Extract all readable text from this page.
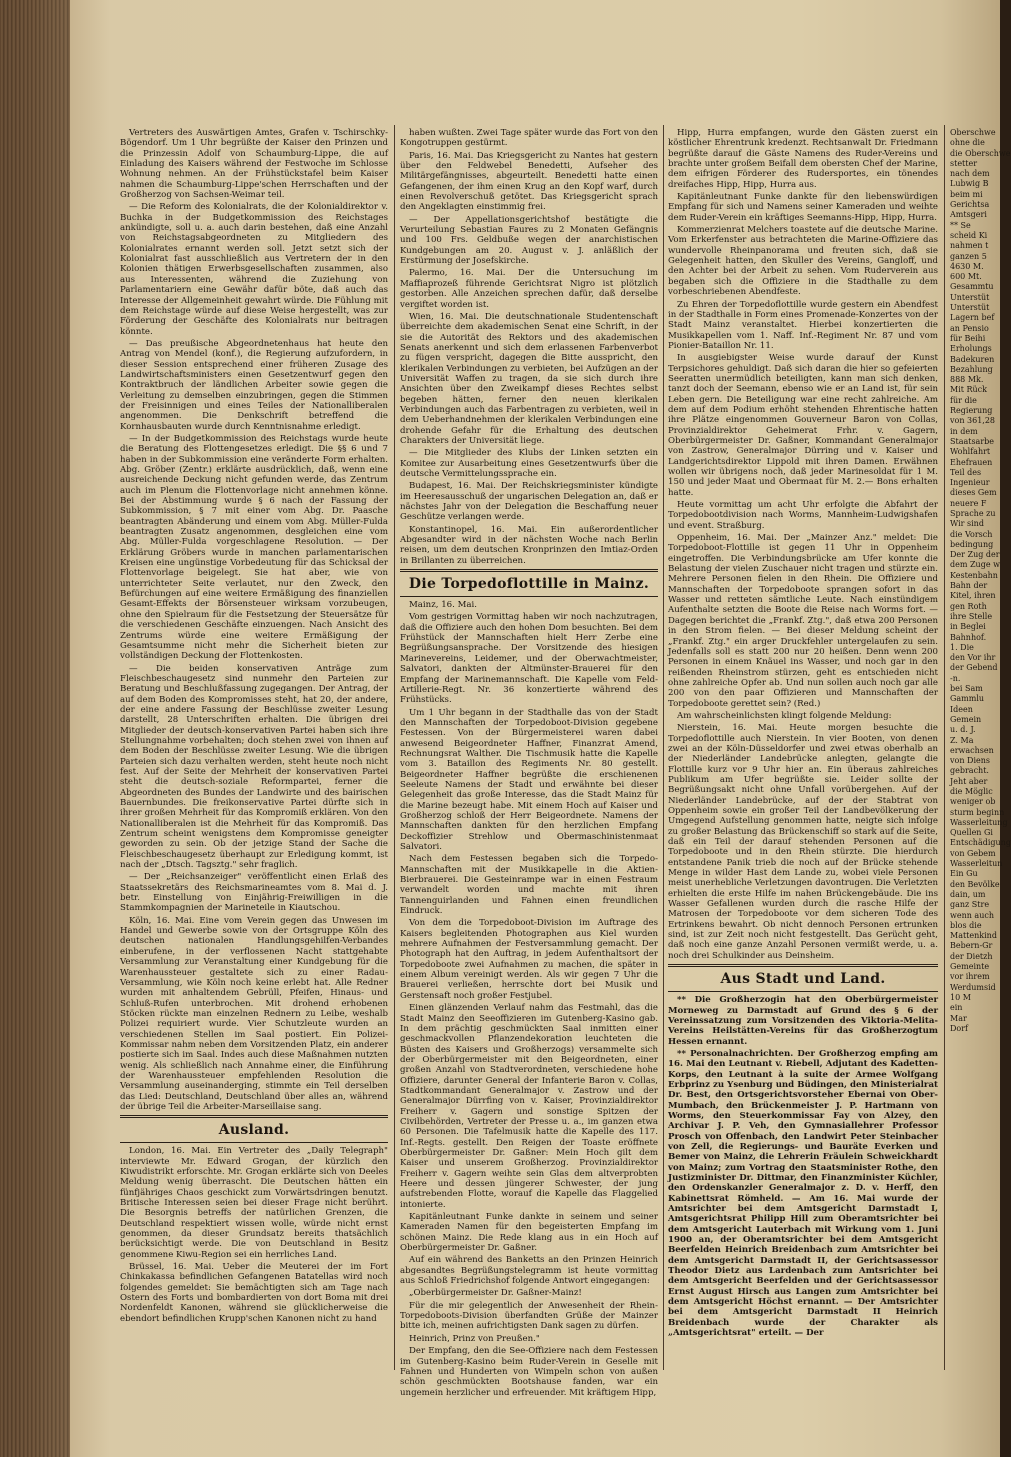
Vertreters des Auswärtigen Amtes, Grafen v. Tschirschky-Bögendorf. Um 1 Uhr begrüßte der Kaiser den Prinzen und die Prinzessin Adolf von Schaumburg-Lippe, die auf Einladung des Kaisers während der Festwoche im Schlosse Wohnung nehmen. An der Frühstückstafel beim Kaiser nahmen die Schaumburg-Lippe'schen Herrschaften und der Großherzog von Sachsen-Weimar teil.

— Die Reform des Kolonialrats, die der Kolonialdirektor v. Buchka in der Budgetkommission des Reichstages ankündigte, soll u. a. auch darin bestehen, daß eine Anzahl von Reichstagsabgeordneten zu Mitgliedern des Kolonialrates ernannt werden soll. Jetzt setzt sich der Kolonialrat fast ausschließlich aus Vertretern der in den Kolonien thätigen Erwerbsgesellschaften zusammen, also aus Interessenten, während die Zuziehung von Parlamentariern eine Gewähr dafür böte, daß auch das Interesse der Allgemeinheit gewahrt würde. Die Fühlung mit dem Reichstage würde auf diese Weise hergestellt, was zur Förderung der Geschäfte des Kolonialrats nur beitragen könnte.

— Das preußische Abgeordnetenhaus hat heute den Antrag von Mendel (konf.), die Regierung aufzufordern, in dieser Session entsprechend einer früheren Zusage des Landwirtschaftsministers einen Gesetzentwurf gegen den Kontraktbruch der ländlichen Arbeiter sowie gegen die Verleitung zu demselben einzubringen, gegen die Stimmen der Freisinnigen und eines Teiles der Nationalliberalen angenommen. Die Denkschrift betreffend die Kornhausbauten wurde durch Kenntnisnahme erledigt.

— In der Budgetkommission des Reichstags wurde heute die Beratung des Flottengesetzes erledigt. Die §§ 6 und 7 haben in der Subkommission eine veränderte Form erhalten. Abg. Gröber (Zentr.) erklärte ausdrücklich, daß, wenn eine ausreichende Deckung nicht gefunden werde, das Zentrum auch im Plenum die Flottenvorlage nicht annehmen könne. Bei der Abstimmung wurde § 6 nach der Fassung der Subkommission, § 7 mit einer vom Abg. Dr. Paasche beantragten Abänderung und einem vom Abg. Müller-Fulda beantragten Zusatz angenommen, desgleichen eine vom Abg. Müller-Fulda vorgeschlagene Resolution. — Der Erklärung Gröbers wurde in manchen parlamentarischen Kreisen eine ungünstige Vorbedeutung für das Schicksal der Flottenvorlage beigelegt. Sie hat aber, wie von unterrichteter Seite verlautet, nur den Zweck, den Befürchungen auf eine weitere Ermäßigung des finanziellen Gesamt-Effekts der Börsensteuer wirksam vorzubeugen, ohne den Spielraum für die Festsetzung der Steuersätze für die verschiedenen Geschäfte einzuengen. Nach Ansicht des Zentrums würde eine weitere Ermäßigung der Gesamtsumme nicht mehr die Sicherheit bieten zur vollständigen Deckung der Flottenkosten.

— Die beiden konservativen Anträge zum Fleischbeschaugesetz sind nunmehr den Parteien zur Beratung und Beschlußfassung zugegangen. Der Antrag, der auf dem Boden des Kompromisses steht, hat 20, der andere, der eine andere Fassung der Beschlüsse zweiter Lesung darstellt, 28 Unterschriften erhalten. Die übrigen drei Mitglieder der deutsch-konservativen Partei haben sich ihre Stellungnahme vorbehalten; doch stehen zwei von ihnen auf dem Boden der Beschlüsse zweiter Lesung. Wie die übrigen Parteien sich dazu verhalten werden, steht heute noch nicht fest. Auf der Seite der Mehrheit der konservativen Partei steht die deutsch-soziale Reformpartei, ferner die Abgeordneten des Bundes der Landwirte und des bairischen Bauernbundes. Die freikonservative Partei dürfte sich in ihrer großen Mehrheit für das Kompromiß erklären. Von den Nationalliberalen ist die Mehrheit für das Kompromiß. Das Zentrum scheint wenigstens dem Kompromisse geneigter geworden zu sein. Ob der jetzige Stand der Sache die Fleischbeschaugesetz überhaupt zur Erledigung kommt, ist nach der „Dtsch. Tagsztg." sehr fraglich.

— Der „Reichsanzeiger" veröffentlicht einen Erlaß des Staatssekretärs des Reichsmarineamtes vom 8. Mai d. J. betr. Einstellung von Einjährig-Freiwilligen in die Stammkompagnien der Marineteile in Kiautschou.

Köln, 16. Mai. Eine vom Verein gegen das Unwesen im Handel und Gewerbe sowie von der Ortsgruppe Köln des deutschen nationalen Handlungsgehilfen-Verbandes einberufene, in der verflossenen Nacht stattgehabte Versammlung zur Veranstaltung einer Kundgebung für die Warenhaussteuer gestaltete sich zu einer Radau-Versammlung, wie Köln noch keine erlebt hat. Alle Redner wurden mit anhaltendem Gebrüll, Pfeifen, Hinaus- und Schluß-Rufen unterbrochen. Mit drohend erhobenen Stöcken rückte man einzelnen Rednern zu Leibe, weshalb Polizei requiriert wurde. Vier Schutzleute wurden an verschiedenen Stellen im Saal postiert. Ein Polizei-Kommissar nahm neben dem Vorsitzenden Platz, ein anderer postierte sich im Saal. Indes auch diese Maßnahmen nutzten wenig. Als schließlich nach Annahme einer, die Einführung der Warenhaussteuer empfehlenden Resolution die Versammlung auseinanderging, stimmte ein Teil derselben das Lied: Deutschland, Deutschland über alles an, während der übrige Teil die Arbeiter-Marseillaise sang.

Ausland.

London, 16. Mai. Ein Vertreter des „Daily Telegraph" interviewte Mr. Edward Grogan, der kürzlich den Kiwudistrikt erforschte. Mr. Grogan erklärte sich von Deeles Meldung wenig überrascht. Die Deutschen hätten ein fünfjähriges Chaos geschickt zum Vorwärtsdringen benutzt. Britische Interessen seien bei dieser Frage nicht berührt. Die Besorgnis betreffs der natürlichen Grenzen, die Deutschland respektiert wissen wolle, würde nicht ernst genommen, da dieser Grundsatz bereits thatsächlich berücksichtigt werde. Die von Deutschland in Besitz genommene Kiwu-Region sei ein herrliches Land.

Brüssel, 16. Mai. Ueber die Meuterei der im Fort Chinkakassa befindlichen Gefangenen Batatellas wird noch folgendes gemeldet: Sie bemächtigten sich am Tage nach Ostern des Forts und bombardierten von dort Boma mit drei Nordenfeldt Kanonen, während sie glücklicherweise die ebendort befindlichen Krupp'schen Kanonen nicht zu hand

haben wußten. Zwei Tage später wurde das Fort von den Kongotruppen gestürmt.

Paris, 16. Mai. Das Kriegsgericht zu Nantes hat gestern über den Feldwebel Benedetti, Aufseher des Militärgefängnisses, abgeurteilt. Benedetti hatte einen Gefangenen, der ihm einen Krug an den Kopf warf, durch einen Revolverschuß getötet. Das Kriegsgericht sprach den Angeklagten einstimmig frei.

— Der Appellationsgerichtshof bestätigte die Verurteilung Sebastian Faures zu 2 Monaten Gefängnis und 100 Frs. Geldbuße wegen der anarchistischen Kundgebungen am 20. August v. J. anläßlich der Erstürmung der Josefskirche.

Palermo, 16. Mai. Der die Untersuchung im Maffiaprozeß führende Gerichtsrat Nigro ist plötzlich gestorben. Alle Anzeichen sprechen dafür, daß derselbe vergiftet worden ist.

Wien, 16. Mai. Die deutschnationale Studentenschaft überreichte dem akademischen Senat eine Schrift, in der sie die Autorität des Rektors und des akademischen Senats anerkennt und sich dem erlassenen Farbenverbot zu fügen verspricht, dagegen die Bitte ausspricht, den klerikalen Verbindungen zu verbieten, bei Aufzügen an der Universität Waffen zu tragen, da sie sich durch ihre Ansichten über den Zweikampf dieses Rechtes selbst begeben hätten, ferner den neuen klerikalen Verbindungen auch das Farbentragen zu verbieten, weil in dem Ueberhandnehmen der klerikalen Verbindungen eine drohende Gefahr für die Erhaltung des deutschen Charakters der Universität liege.

— Die Mitglieder des Klubs der Linken setzten ein Komitee zur Ausarbeitung eines Gesetzentwurfs über die deutsche Vermittelungssprache ein.

Budapest, 16. Mai. Der Reichskriegsminister kündigte im Heeresausschuß der ungarischen Delegation an, daß er nächstes Jahr von der Delegation die Beschaffung neuer Geschütze verlangen werde.

Konstantinopel, 16. Mai. Ein außerordentlicher Abgesandter wird in der nächsten Woche nach Berlin reisen, um dem deutschen Kronprinzen den Imtiaz-Orden in Brillanten zu überreichen.

Die Torpedoflottille in Mainz.

Mainz, 16. Mai.

Vom gestrigen Vormittag haben wir noch nachzutragen, daß die Offiziere auch den hohen Dom besuchten. Bei dem Frühstück der Mannschaften hielt Herr Zerbe eine Begrüßungsansprache. Der Vorsitzende des hiesigen Marinevereins, Leidemer, und der Oberwachtmeister, Salvatori, dankten der Altmünster-Brauerei für den Empfang der Marinemannschaft. Die Kapelle vom Feld-Artillerie-Regt. Nr. 36 konzertierte während des Frühstücks.

Um 1 Uhr begann in der Stadthalle das von der Stadt den Mannschaften der Torpedoboot-Division gegebene Festessen. Von der Bürgermeisterei waren dabei anwesend Beigeordneter Haffner, Finanzrat Amend, Rechnungsrat Walther. Die Tischmusik hatte die Kapelle vom 3. Bataillon des Regiments Nr. 80 gestellt. Beigeordneter Haffner begrüßte die erschienenen Seeleute Namens der Stadt und erwähnte bei dieser Gelegenheit das große Interesse, das die Stadt Mainz für die Marine bezeugt habe. Mit einem Hoch auf Kaiser und Großherzog schloß der Herr Beigeordnete. Namens der Mannschaften dankten für den herzlichen Empfang Deckoffizier Strehlow und Obermaschinistenmaat Salvatori.

Nach dem Festessen begaben sich die Torpedo-Mannschaften mit der Musikkapelle in die Aktien-Bierbrauerei. Die Gesteinrampe war in einen Festraum verwandelt worden und machte mit ihren Tannenguirlanden und Fahnen einen freundlichen Eindruck.

Von dem die Torpedoboot-Division im Auftrage des Kaisers begleitenden Photographen aus Kiel wurden mehrere Aufnahmen der Festversammlung gemacht. Der Photograph hat den Auftrag, in jedem Aufenthaltsort der Torpedoboote zwei Aufnahmen zu machen, die später in einem Album vereinigt werden. Als wir gegen 7 Uhr die Brauerei verließen, herrschte dort bei Musik und Gerstensaft noch großer Festjubel.

Einen glänzenden Verlauf nahm das Festmahl, das die Stadt Mainz den Seeoffizieren im Gutenberg-Kasino gab. In dem prächtig geschmückten Saal inmitten einer geschmackvollen Pflanzendekoration leuchteten die Büsten des Kaisers und Großherzogs) versammelte sich der Oberbürgermeister mit den Beigeordneten, einer großen Anzahl von Stadtverordneten, verschiedene hohe Offiziere, darunter General der Infanterie Baron v. Collas, Stadtkommandant Generalmajor v. Zastrow und der Generalmajor Dürrfing von v. Kaiser, Provinzialdirektor Freiherr v. Gagern und sonstige Spitzen der Civilbehörden, Vertreter der Presse u. a., im ganzen etwa 60 Personen. Die Tafelmusik hatte die Kapelle des 117. Inf.-Regts. gestellt. Den Reigen der Toaste eröffnete Oberbürgermeister Dr. Gaßner: Mein Hoch gilt dem Kaiser und unserem Großherzog. Provinzialdirektor Freiherr v. Gagern weihte sein Glas dem altverprobten Heere und dessen jüngerer Schwester, der jung aufstrebenden Flotte, worauf die Kapelle das Flaggelied intonierte.

Kapitänleutnant Funke dankte in seinem und seiner Kameraden Namen für den begeisterten Empfang im schönen Mainz. Die Rede klang aus in ein Hoch auf Oberbürgermeister Dr. Gaßner.

Auf ein während des Banketts an den Prinzen Heinrich abgesandtes Begrüßungstelegramm ist heute vormittag aus Schloß Friedrichshof folgende Antwort eingegangen:

„Oberbürgermeister Dr. Gaßner-Mainz!

Für die mir gelegentlich der Anwesenheit der Rhein-Torpedoboots-Division überfandten Grüße der Mainzer bitte ich, meinen aufrichtigsten Dank sagen zu dürfen.

Heinrich, Prinz von Preußen."

Der Empfang, den die See-Offiziere nach dem Festessen im Gutenberg-Kasino beim Ruder-Verein in Geselle mit Fahnen und Hunderten von Wimpeln schon von außen schön geschmückten Bootshause fanden, war ein ungemein herzlicher und erfreuender. Mit kräftigem Hipp,

Hipp, Hurra empfangen, wurde den Gästen zuerst ein köstlicher Ehrentrunk kredenzt. Rechtsanwalt Dr. Friedmann begrüßte darauf die Gäste Namens des Ruder-Vereins und brachte unter großem Beifall dem obersten Chef der Marine, dem eifrigen Förderer des Rudersportes, ein tönendes dreifaches Hipp, Hipp, Hurra aus.

Kapitänleutnant Funke dankte für den liebenswürdigen Empfang für sich und Namens seiner Kameraden und weihte dem Ruder-Verein ein kräftiges Seemanns-Hipp, Hipp, Hurra.

Kommerzienrat Melchers toastete auf die deutsche Marine. Vom Erkerfenster aus betrachteten die Marine-Offiziere das wundervolle Rheinpanorama und freuten sich, daß sie Gelegenheit hatten, den Skuller des Vereins, Gangloff, und den Achter bei der Arbeit zu sehen. Vom Ruderverein aus begaben sich die Offiziere in die Stadthalle zu dem vorbeschriebenen Abendfeste.

Zu Ehren der Torpedoflottille wurde gestern ein Abendfest in der Stadthalle in Form eines Promenade-Konzertes von der Stadt Mainz veranstaltet. Hierbei konzertierten die Musikkapellen vom 1. Naff. Inf.-Regiment Nr. 87 und vom Pionier-Bataillon Nr. 11.

In ausgiebigster Weise wurde darauf der Kunst Terpsichores gehuldigt. Daß sich daran die hier so gefeierten Seeratten unermüdlich beteiligten, kann man sich denken, tanzt doch der Seemann, ebenso wie er an Land ist, für sein Leben gern. Die Beteiligung war eine recht zahlreiche. Am dem auf dem Podium erhöht stehenden Ehrentische hatten ihre Plätze eingenommen Gouverneur Baron von Collas, Provinzialdirektor Geheimerat Frhr. v. Gagern, Oberbürgermeister Dr. Gaßner, Kommandant Generalmajor von Zastrow, Generalmajor Dürring und v. Kaiser und Landgerichtsdirektor Lippold mit ihren Damen. Erwähnen wollen wir übrigens noch, daß jeder Marinesoldat für 1 M. 150 und jeder Maat und Obermaat für M. 2.— Bons erhalten hatte.

Heute vormittag um acht Uhr erfolgte die Abfahrt der Torpedobootdivision nach Worms, Mannheim-Ludwigshafen und event. Straßburg.

Oppenheim, 16. Mai. Der „Mainzer Anz." meldet: Die Torpedoboot-Flottille ist gegen 11 Uhr in Oppenheim eingetroffen. Die Verbindungsbrücke am Ufer konnte die Belastung der vielen Zuschauer nicht tragen und stürzte ein. Mehrere Personen fielen in den Rhein. Die Offiziere und Mannschaften der Torpedoboote sprangen sofort in das Wasser und retteten sämtliche Leute. Nach einstündigem Aufenthalte setzten die Boote die Reise nach Worms fort. — Dagegen berichtet die „Frankf. Ztg.", daß etwa 200 Personen in den Strom fielen. — Bei dieser Meldung scheint der „Frankf. Ztg." ein arger Druckfehler untergelaufen zu sein. Jedenfalls soll es statt 200 nur 20 heißen. Denn wenn 200 Personen in einem Knäuel ins Wasser, und noch gar in den reißenden Rheinstrom stürzen, geht es entschieden nicht ohne zahlreiche Opfer ab. Und nun sollen auch noch gar alle 200 von den paar Offizieren und Mannschaften der Torpedoboote gerettet sein? (Red.)

Am wahrscheinlichsten klingt folgende Meldung:

Nierstein, 16. Mai. Heute morgen besuchte die Torpedoflottille auch Nierstein. In vier Booten, von denen zwei an der Köln-Düsseldorfer und zwei etwas oberhalb an der Niederländer Landebrücke anlegten, gelangte die Flottille kurz vor 9 Uhr hier an. Ein überaus zahlreiches Publikum am Ufer begrüßte sie. Leider sollte der Begrüßungsakt nicht ohne Unfall vorübergehen. Auf der Niederländer Landebrücke, auf der der Stabtrat von Oppenheim sowie ein großer Teil der Landbevölkerung der Umgegend Aufstellung genommen hatte, neigte sich infolge zu großer Belastung das Brückenschiff so stark auf die Seite, daß ein Teil der darauf stehenden Personen auf die Torpedoboote und in den Rhein stürzte. Die hierdurch entstandene Panik trieb die noch auf der Brücke stehende Menge in wilder Hast dem Lande zu, wobei viele Personen meist unerhebliche Verletzungen davontrugen. Die Verletzten erhielten die erste Hilfe im nahen Brückengebäude. Die ins Wasser Gefallenen wurden durch die rasche Hilfe der Matrosen der Torpedoboote vor dem sicheren Tode des Ertrinkens bewahrt. Ob nicht dennoch Personen ertrunken sind, ist zur Zeit noch nicht festgestellt. Das Gerücht geht, daß noch eine ganze Anzahl Personen vermißt werde, u. a. noch drei Schulkinder aus Deinsheim.

Aus Stadt und Land.

** Die Großherzogin hat den Oberbürgermeister Morneweg zu Darmstadt auf Grund des § 6 der Vereinssatzung zum Vorsitzenden des Viktoria-Melita-Vereins Heilstätten-Vereins für das Großherzogtum Hessen ernannt.

** Personalnachrichten. Der Großherzog empfing am 16. Mai den Leutnant v. Riebell, Adjutant des Kadetten-Korps, den Leutnant à la suite der Armee Wolfgang Erbprinz zu Ysenburg und Büdingen, den Ministerialrat Dr. Best, den Ortsgerichtsvorsteher Ebernai von Ober-Mumbach, den Brückenmeister J. P. Hartmann von Worms, den Steuerkommissar Fay von Alzey, den Archivar J. P. Veh, den Gymnasiallehrer Professor Prosch von Offenbach, den Landwirt Peter Steinbacher von Zell, die Regierungs- und Bauräte Everken und Bemer von Mainz, die Lehrerin Fräulein Schweickhardt von Mainz; zum Vortrag den Staatsminister Rothe, den Justizminister Dr. Dittmar, den Finanzminister Küchler, den Ordenskanzler Generalmajor z. D. v. Herff, den Kabinettsrat Römheld. — Am 16. Mai wurde der Amtsrichter bei dem Amtsgericht Darmstadt I, Amtsgerichtsrat Philipp Hill zum Oberamtsrichter bei dem Amtsgericht Lauterbach mit Wirkung vom 1. Juni 1900 an, der Oberamtsrichter bei dem Amtsgericht Beerfelden Heinrich Breidenbach zum Amtsrichter bei dem Amtsgericht Darmstadt II, der Gerichtsassessor Theodor Dietz aus Lardenbach zum Amtsrichter bei dem Amtsgericht Beerfelden und der Gerichtsassessor Ernst August Hirsch aus Langen zum Amtsrichter bei dem Amtsgericht Höchst ernannt. — Der Amtsrichter bei dem Amtsgericht Darmstadt II Heinrich Breidenbach wurde der Charakter als „Amtsgerichtsrat" erteilt. — Der

Oberschwe
ohne die
die Oberschwe
stetter
nach dem
Lubwig B
beim mi
Gerichtsa
Amtsgeri
** Se
scheid Ki
nahmen t
ganzen 5
4630 M.
600 Mt.
Gesammtu
Unterstüt
Unterstüt
Lagern bef
an Pensio
für Beihi
Erholungs
Badekuren
Bezahlung
888 Mk.
Mit Rück
für die
Regierung
von 361,28
in dem
Staatsarbe
Wohlfahrt
Ehefrauen
Teil des
Ingenieur
dieses Gem
neuere F
Sprache zu
Wir sind
die Vorsch
bedingung
Der Zug der
dem Zuge w
Kestenbahn
Bahn der
Kitel, ihren
gen Roth
ihre Stelle
in Beglei
Bahnhof.
1. Die
den Vor ihr
der Gebend
-n.
bei Sam
Gammlu
Ideen
Gemein
u. d. J.
Z. Ma
erwachsen
von Diens
gebracht.
Jeht aber
die Möglic
weniger ob
sturm beginn
Wasserleitung
Quellen Gi
Entschädigung
von Gebem
Wasserleitun
Ein Gu
den Bevölke
dain, um
ganz Stre
wenn auch
blos die
Mattenkind
Bebern-Gr
der Dietzh
Gemeinte
vor ihrem
Werdumsid
10 M
ein
Mar
Dorf
